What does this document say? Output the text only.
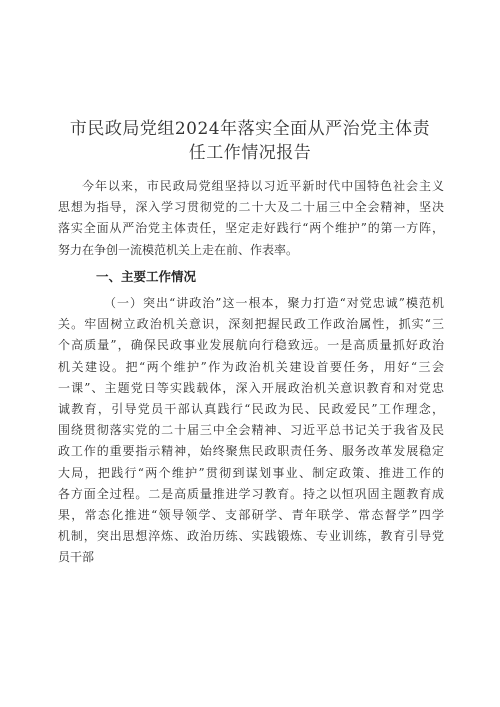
市民政局党组2024年落实全面从严治党主体责
任工作情况报告
今年以来，市民政局党组坚持以习近平新时代中国特色社会主义
思想为指导，深入学习贯彻党的二十大及二十届三中全会精神，坚决
落实全面从严治党主体责任，坚定走好践行“两个维护”的第一方阵，
努力在争创一流模范机关上走在前、作表率。
一、主要工作情况
（一）突出“讲政治”这一根本，聚力打造“对党忠诚”模范机
关。牢固树立政治机关意识，深刻把握民政工作政治属性，抓实“三
个高质量”，确保民政事业发展航向行稳致远。一是高质量抓好政治
机关建设。把“两个维护”作为政治机关建设首要任务，用好“三会
一课”、主题党日等实践载体，深入开展政治机关意识教育和对党忠
诚教育，引导党员干部认真践行“民政为民、民政爱民”工作理念，
围绕贯彻落实党的二十届三中全会精神、习近平总书记关于我省及民
政工作的重要指示精神，始终聚焦民政职责任务、服务改革发展稳定
大局，把践行“两个维护”贯彻到谋划事业、制定政策、推进工作的
各方面全过程。二是高质量推进学习教育。持之以恒巩固主题教育成
果，常态化推进“领导领学、支部研学、青年联学、常态督学”四学
机制，突出思想淬炼、政治历练、实践锻炼、专业训练，教育引导党
员干部
